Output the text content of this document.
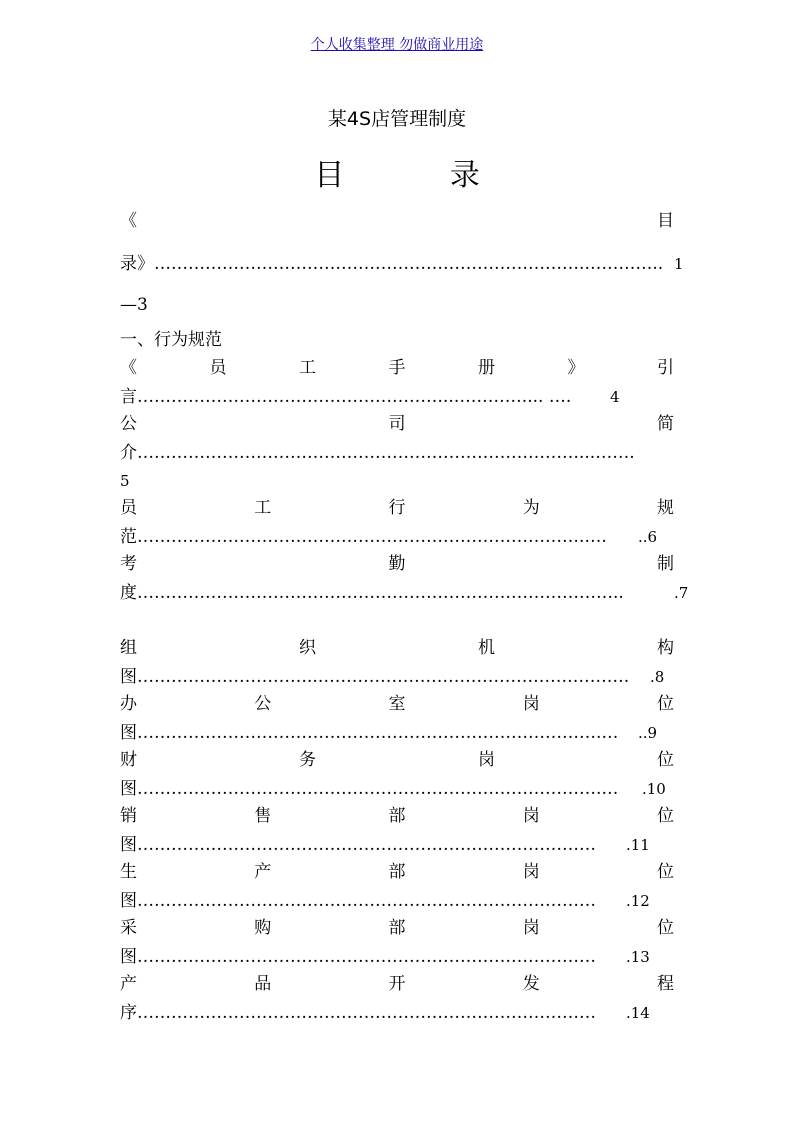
个人收集整理 勿做商业用途
某4S店管理制度
目 录
《	目
录》………………………………………………………………….………….. 1
—3
一、行为规范
《	员	工	手	册	》	引
言………………………………………………..………….... ….	4
公	司	简
介……………………………………………………………………...…….
5
员	工	行	为	规
范…………………………………………………………………….….	..6
考	勤	制
度…………………………………………………………………………..	.7
组	织	机	构
图…………………………..……………………………………………….	.8
办	公	室	岗	位
图……………………………………………………………………….…	..9
财	务	岗	位
图……………………………………………………………………….…	.10
销	售	部	岗	位
图………………………………………………………………………	.11
生	产	部	岗	位
图………………………………………………………………………	.12
采	购	部	岗	位
图………………………………………………………………………	.13
产	品	开	发	程
序………………………………………………………………………	.14
